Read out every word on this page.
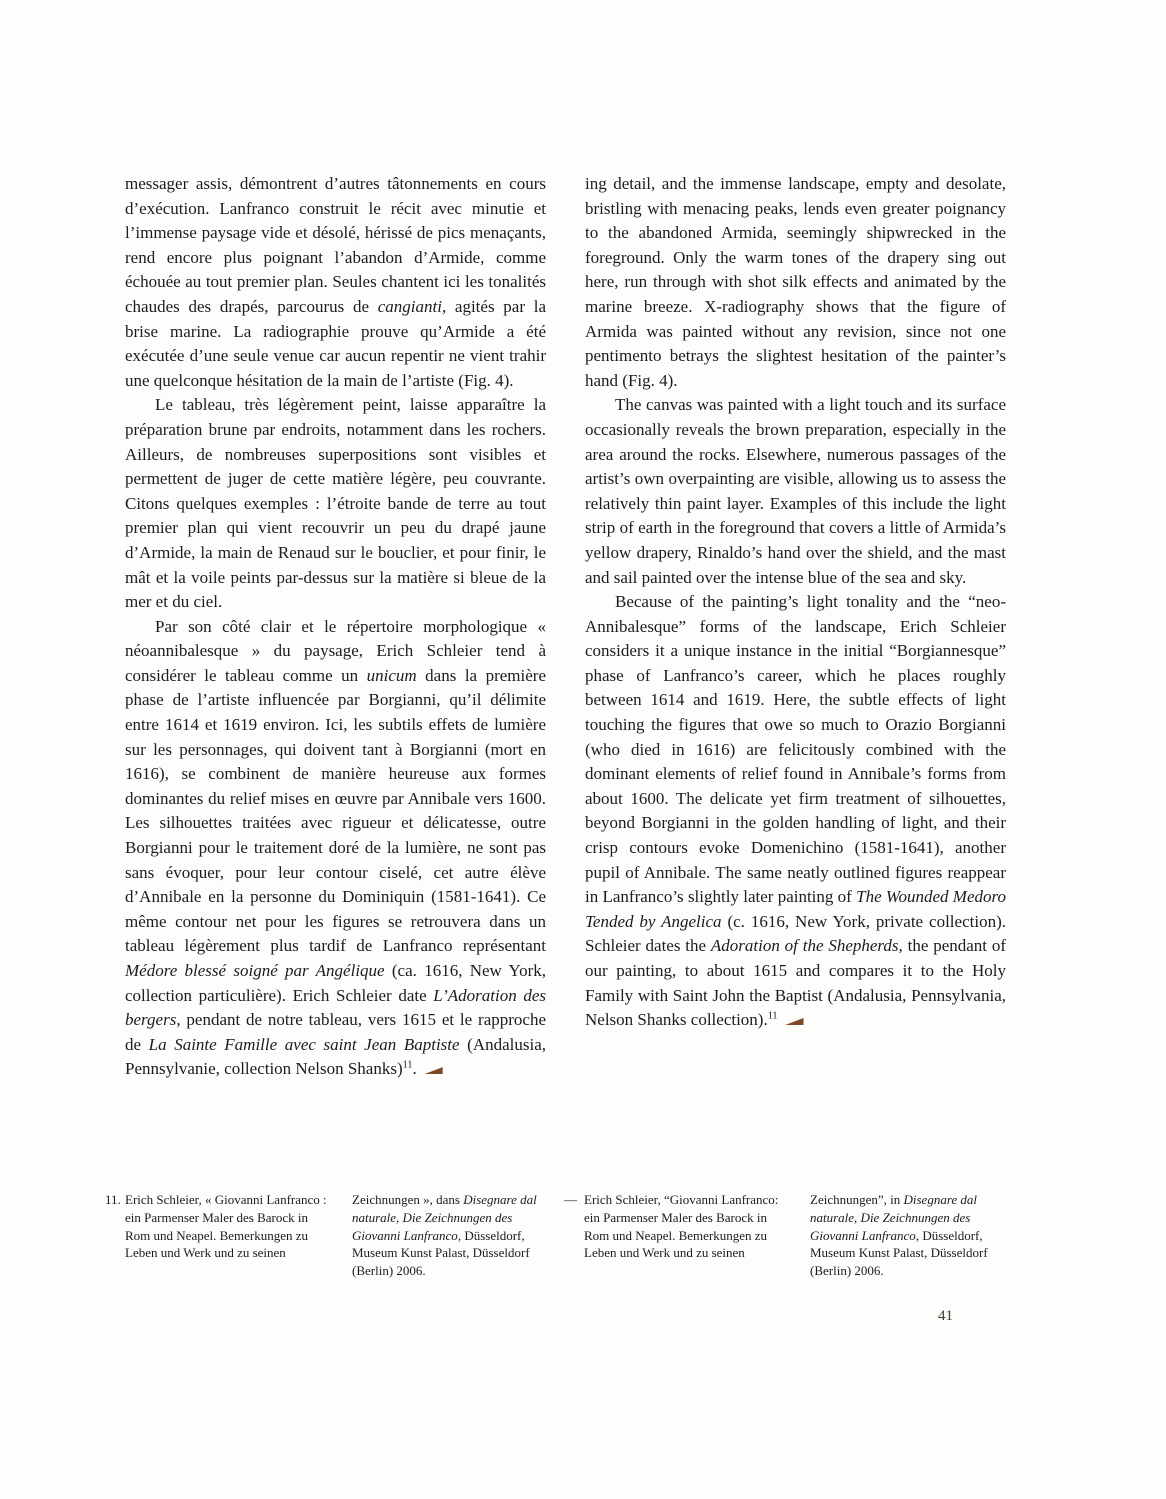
messager assis, démontrent d’autres tâtonnements en cours d’exécution. Lanfranco construit le récit avec minutie et l’immense paysage vide et désolé, hérissé de pics menaçants, rend encore plus poignant l’abandon d’Armide, comme échouée au tout premier plan. Seules chantent ici les tonalités chaudes des drapés, parcourus de cangianti, agités par la brise marine. La radiographie prouve qu’Armide a été exécutée d’une seule venue car aucun repentir ne vient trahir une quelconque hésitation de la main de l’artiste (Fig. 4).

Le tableau, très légèrement peint, laisse apparaître la préparation brune par endroits, notamment dans les rochers. Ailleurs, de nombreuses superpositions sont visibles et permettent de juger de cette matière légère, peu couvrante. Citons quelques exemples : l’étroite bande de terre au tout premier plan qui vient recouvrir un peu du drapé jaune d’Armide, la main de Renaud sur le bouclier, et pour finir, le mât et la voile peints par-dessus sur la matière si bleue de la mer et du ciel.

Par son côté clair et le répertoire morphologique « néoannibalesque » du paysage, Erich Schleier tend à considérer le tableau comme un unicum dans la première phase de l’artiste influencée par Borgianni, qu’il délimite entre 1614 et 1619 environ. Ici, les subtils effets de lumière sur les personnages, qui doivent tant à Borgianni (mort en 1616), se combinent de manière heureuse aux formes dominantes du relief mises en œuvre par Annibale vers 1600. Les silhouettes traitées avec rigueur et délicatesse, outre Borgianni pour le traitement doré de la lumière, ne sont pas sans évoquer, pour leur contour ciselé, cet autre élève d’Annibale en la personne du Dominiquin (1581-1641). Ce même contour net pour les figures se retrouvera dans un tableau légèrement plus tardif de Lanfranco représentant Médore blessé soigné par Angélique (ca. 1616, New York, collection particulière). Erich Schleier date L’Adoration des bergers, pendant de notre tableau, vers 1615 et le rapproche de La Sainte Famille avec saint Jean Baptiste (Andalusia, Pennsylvanie, collection Nelson Shanks)$^{11}$.

ing detail, and the immense landscape, empty and desolate, bristling with menacing peaks, lends even greater poignancy to the abandoned Armida, seemingly shipwrecked in the foreground. Only the warm tones of the drapery sing out here, run through with shot silk effects and animated by the marine breeze. X-radiography shows that the figure of Armida was painted without any revision, since not one pentimento betrays the slightest hesitation of the painter’s hand (Fig. 4).

The canvas was painted with a light touch and its surface occasionally reveals the brown preparation, especially in the area around the rocks. Elsewhere, numerous passages of the artist’s own overpainting are visible, allowing us to assess the relatively thin paint layer. Examples of this include the light strip of earth in the foreground that covers a little of Armida’s yellow drapery, Rinaldo’s hand over the shield, and the mast and sail painted over the intense blue of the sea and sky.

Because of the painting’s light tonality and the “neo-Annibalesque” forms of the landscape, Erich Schleier considers it a unique instance in the initial “Borgiannesque” phase of Lanfranco’s career, which he places roughly between 1614 and 1619. Here, the subtle effects of light touching the figures that owe so much to Orazio Borgianni (who died in 1616) are felicitously combined with the dominant elements of relief found in Annibale’s forms from about 1600. The delicate yet firm treatment of silhouettes, beyond Borgianni in the golden handling of light, and their crisp contours evoke Domenichino (1581-1641), another pupil of Annibale. The same neatly outlined figures reappear in Lanfranco’s slightly later painting of The Wounded Medoro Tended by Angelica (c. 1616, New York, private collection). Schleier dates the Adoration of the Shepherds, the pendant of our painting, to about 1615 and compares it to the Holy Family with Saint John the Baptist (Andalusia, Pennsylvania, Nelson Shanks collection).$^{11}$

11. Erich Schleier, « Giovanni Lanfranco : ein Parmenser Maler des Barock in Rom und Neapel. Bemerkungen zu Leben und Werk und zu seinen

Zeichnungen », dans Disegnare dal naturale, Die Zeichnungen des Giovanni Lanfranco, Düsseldorf, Museum Kunst Palast, Düsseldorf (Berlin) 2006.

— Erich Schleier, “Giovanni Lanfranco: ein Parmenser Maler des Barock in Rom und Neapel. Bemerkungen zu Leben und Werk und zu seinen

Zeichnungen”, in Disegnare dal naturale, Die Zeichnungen des Giovanni Lanfranco, Düsseldorf, Museum Kunst Palast, Düsseldorf (Berlin) 2006.

41
